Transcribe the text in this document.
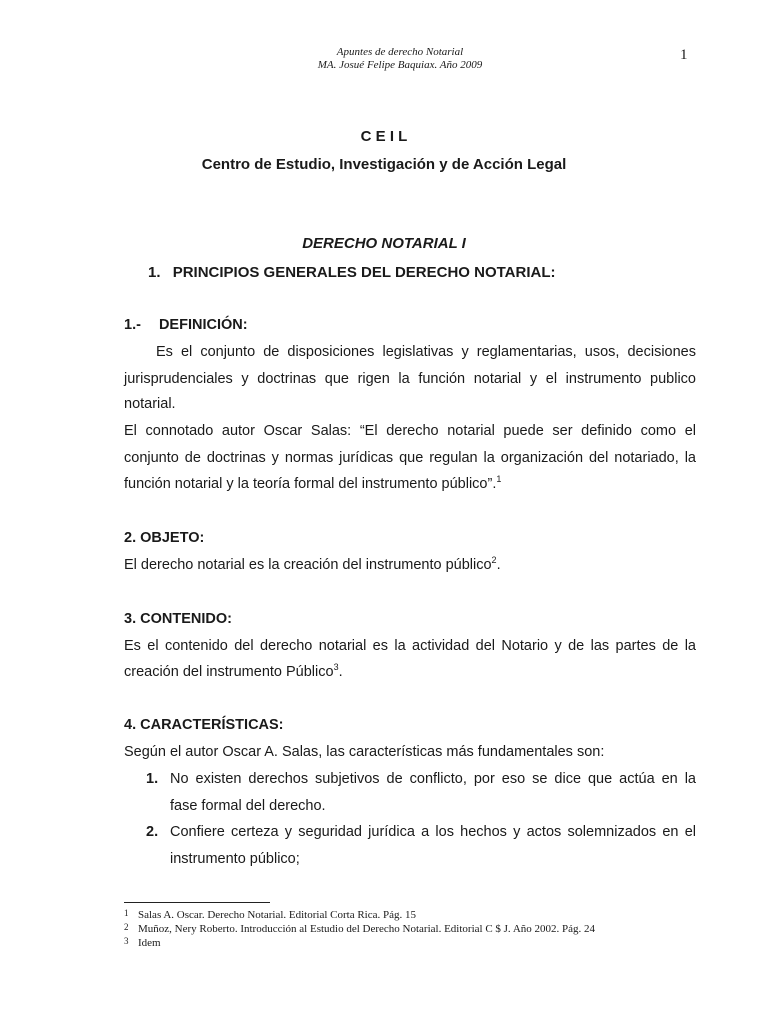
Apuntes de derecho Notarial
MA. Josué Felipe Baquiax. Año 2009
1
C E I L
Centro de Estudio, Investigación y de Acción Legal
DERECHO NOTARIAL I
1. PRINCIPIOS GENERALES DEL DERECHO NOTARIAL:
1.- DEFINICIÓN:
Es el conjunto de disposiciones legislativas y reglamentarias, usos, decisiones
jurisprudenciales y doctrinas que rigen la función notarial y el instrumento publico
notarial.
El connotado autor Oscar Salas: “El derecho notarial puede ser definido como el
conjunto de doctrinas y normas jurídicas que regulan la organización del notariado, la
función notarial y la teoría formal del instrumento público”.$^1$
2. OBJETO:
El derecho notarial es la creación del instrumento público$^2$.
3. CONTENIDO:
Es el contenido del derecho notarial es la actividad del Notario y de las partes de la
creación del instrumento Público$^3$.
4. CARACTERÍSTICAS:
Según el autor Oscar A. Salas, las características más fundamentales son:
1. No existen derechos subjetivos de conflicto, por eso se dice que actúa en la
fase formal del derecho.
2. Confiere certeza y seguridad jurídica a los hechos y actos solemnizados en el
instrumento público;
1 Salas A. Oscar. Derecho Notarial. Editorial Corta Rica. Pág. 15
2 Muñoz, Nery Roberto. Introducción al Estudio del Derecho Notarial. Editorial C $ J. Año 2002. Pág. 24
3 Idem
